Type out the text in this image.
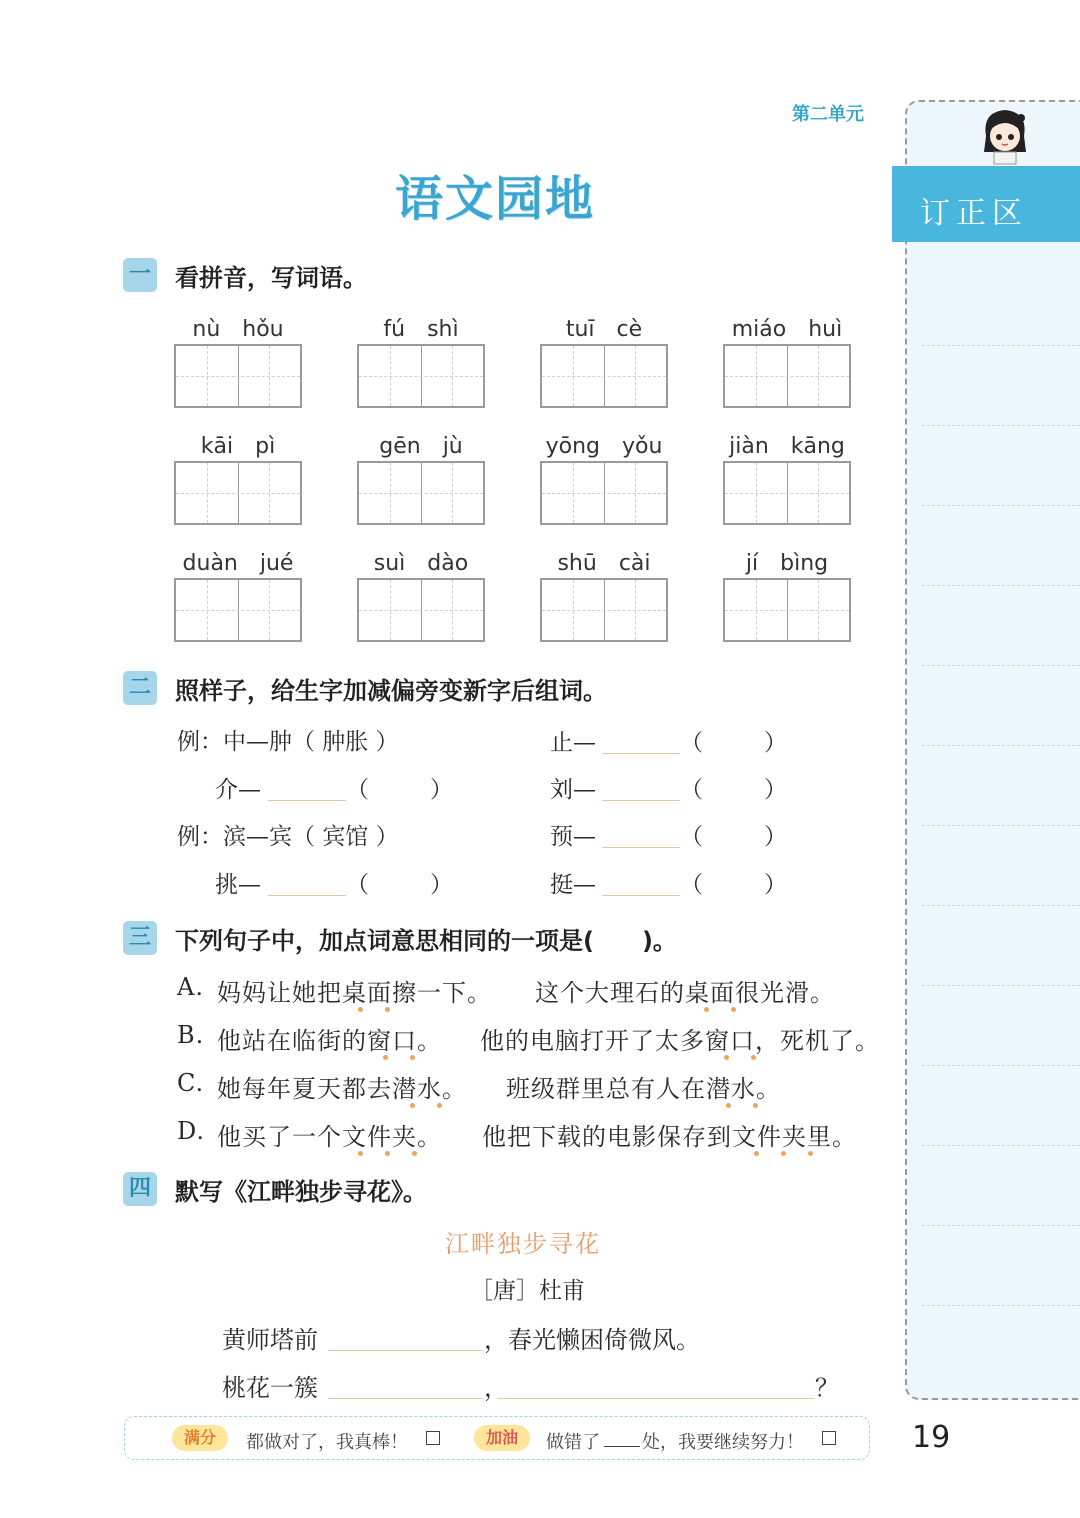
订正区
第二单元
语文园地
一 看拼音，写词语。
nù　hǒu	fú　shì	tuī　cè	miáo　huì
kāi　pì	gēn　jù	yōng　yǒu	jiàn　kāng
duàn　jué	suì　dào	shū　cài	jí　bìng
二 照样子，给生字加减偏旁变新字后组词。
例：中—肿（ 肿胀 ）
介—	（	）
例：滨—宾（ 宾馆 ）
挑—	（	）
止—	（	）
刘—	（	）
预—	（	）
挺—	（	）
三 下列句子中，加点词意思相同的一项是(　　)。
A. 妈妈让她把桌面擦一下。 这个大理石的桌面很光滑。
B. 他站在临街的窗口。 他的电脑打开了太多窗口，死机了。
C. 她每年夏天都去潜水。 班级群里总有人在潜水。
D. 他买了一个文件夹。 他把下载的电影保存到文件夹里。
四 默写《江畔独步寻花》。
江畔独步寻花
［唐］杜甫
黄师塔前	，春光懒困倚微风。
桃花一簇	，	？
满分	都做对了，我真棒！	加油	做错了 处，我要继续努力！	19
